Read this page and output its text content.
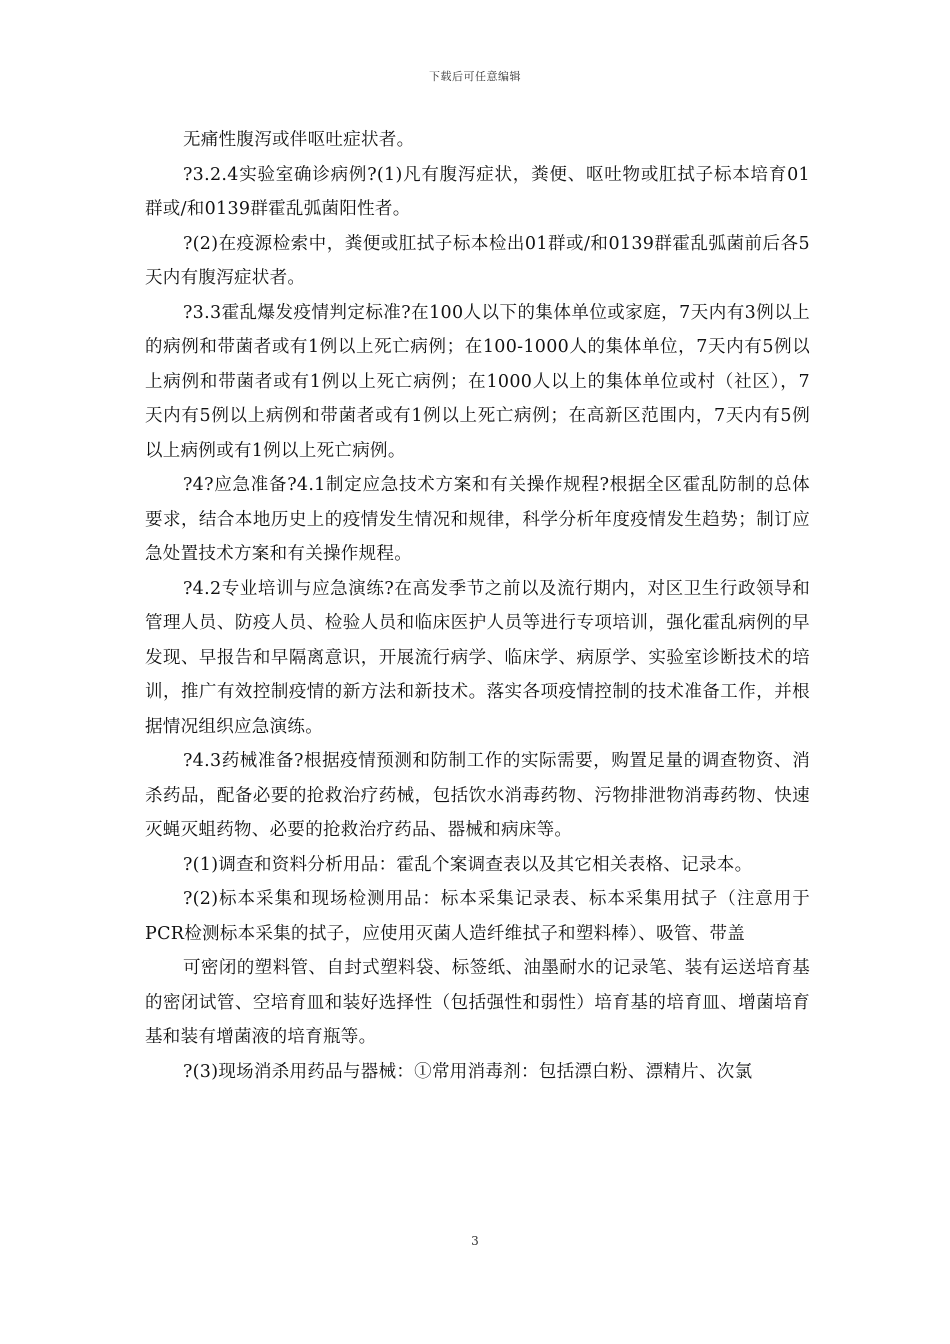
下载后可任意编辑

无痛性腹泻或伴呕吐症状者。

?3.2.4实验室确诊病例?(1)凡有腹泻症状，粪便、呕吐物或肛拭子标本培育01群或/和0139群霍乱弧菌阳性者。

?(2)在疫源检索中，粪便或肛拭子标本检出01群或/和0139群霍乱弧菌前后各5天内有腹泻症状者。

?3.3霍乱爆发疫情判定标准?在100人以下的集体单位或家庭，7天内有3例以上的病例和带菌者或有1例以上死亡病例；在100-1000人的集体单位，7天内有5例以上病例和带菌者或有1例以上死亡病例；在1000人以上的集体单位或村（社区），7天内有5例以上病例和带菌者或有1例以上死亡病例；在高新区范围内，7天内有5例以上病例或有1例以上死亡病例。

?4?应急准备?4.1制定应急技术方案和有关操作规程?根据全区霍乱防制的总体要求，结合本地历史上的疫情发生情况和规律，科学分析年度疫情发生趋势；制订应急处置技术方案和有关操作规程。

?4.2专业培训与应急演练?在高发季节之前以及流行期内，对区卫生行政领导和管理人员、防疫人员、检验人员和临床医护人员等进行专项培训，强化霍乱病例的早发现、早报告和早隔离意识，开展流行病学、临床学、病原学、实验室诊断技术的培训，推广有效控制疫情的新方法和新技术。落实各项疫情控制的技术准备工作，并根据情况组织应急演练。

?4.3药械准备?根据疫情预测和防制工作的实际需要，购置足量的调查物资、消杀药品，配备必要的抢救治疗药械，包括饮水消毒药物、污物排泄物消毒药物、快速灭蝇灭蛆药物、必要的抢救治疗药品、器械和病床等。

?(1)调查和资料分析用品：霍乱个案调查表以及其它相关表格、记录本。

?(2)标本采集和现场检测用品：标本采集记录表、标本采集用拭子（注意用于PCR检测标本采集的拭子，应使用灭菌人造纤维拭子和塑料棒）、吸管、带盖

可密闭的塑料管、自封式塑料袋、标签纸、油墨耐水的记录笔、装有运送培育基的密闭试管、空培育皿和装好选择性（包括强性和弱性）培育基的培育皿、增菌培育基和装有增菌液的培育瓶等。

?(3)现场消杀用药品与器械：①常用消毒剂：包括漂白粉、漂精片、次氯

3
